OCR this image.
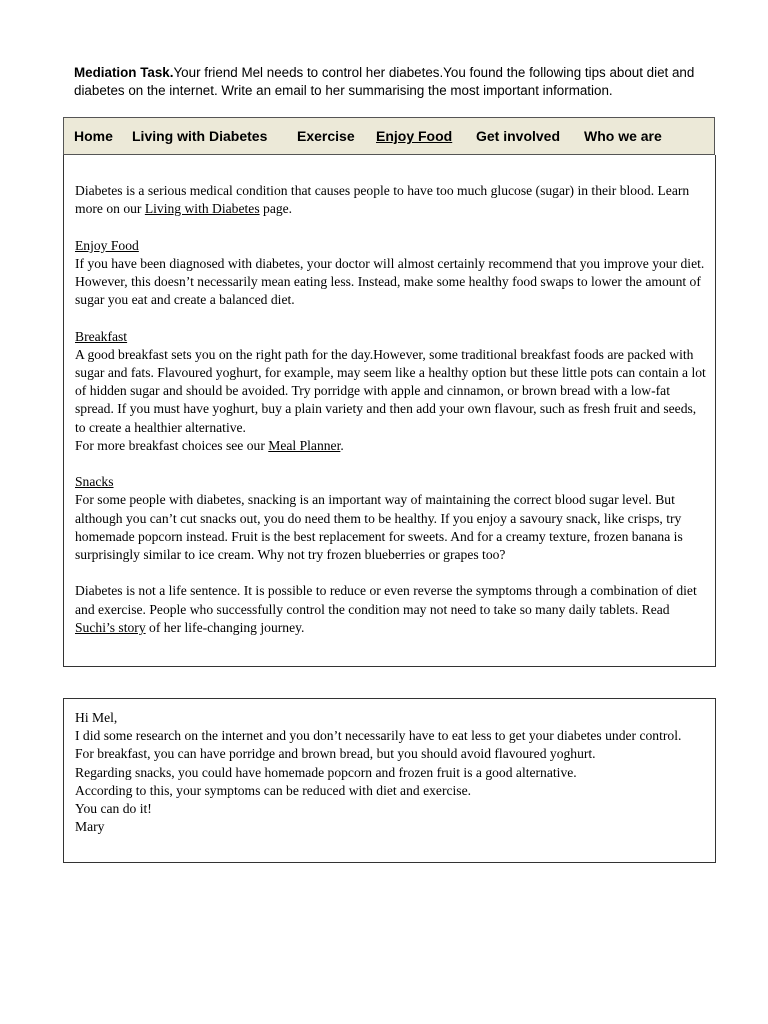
Mediation Task.Your friend Mel needs to control her diabetes.You found the following tips about diet and diabetes on the internet. Write an email to her summarising the most important information.
Home Living with Diabetes Exercise Enjoy Food Get involved Who we are

Diabetes is a serious medical condition that causes people to have too much glucose (sugar) in their blood. Learn more on our Living with Diabetes page.

Enjoy Food

If you have been diagnosed with diabetes, your doctor will almost certainly recommend that you improve your diet. However, this doesn’t necessarily mean eating less. Instead, make some healthy food swaps to lower the amount of sugar you eat and create a balanced diet.

Breakfast

A good breakfast sets you on the right path for the day.However, some traditional breakfast foods are packed with sugar and fats. Flavoured yoghurt, for example, may seem like a healthy option but these little pots can contain a lot of hidden sugar and should be avoided. Try porridge with apple and cinnamon, or brown bread with a low-fat spread. If you must have yoghurt, buy a plain variety and then add your own flavour, such as fresh fruit and seeds, to create a healthier alternative.

For more breakfast choices see our Meal Planner.

Snacks

For some people with diabetes, snacking is an important way of maintaining the correct blood sugar level. But although you can’t cut snacks out, you do need them to be healthy. If you enjoy a savoury snack, like crisps, try homemade popcorn instead. Fruit is the best replacement for sweets. And for a creamy texture, frozen banana is surprisingly similar to ice cream. Why not try frozen blueberries or grapes too?

Diabetes is not a life sentence. It is possible to reduce or even reverse the symptoms through a combination of diet and exercise. People who successfully control the condition may not need to take so many daily tablets. Read Suchi’s story of her life-changing journey.

Hi Mel,

I did some research on the internet and you don’t necessarily have to eat less to get your diabetes under control.

For breakfast, you can have porridge and brown bread, but you should avoid flavoured yoghurt.

Regarding snacks, you could have homemade popcorn and frozen fruit is a good alternative.

According to this, your symptoms can be reduced with diet and exercise.

You can do it!

Mary
